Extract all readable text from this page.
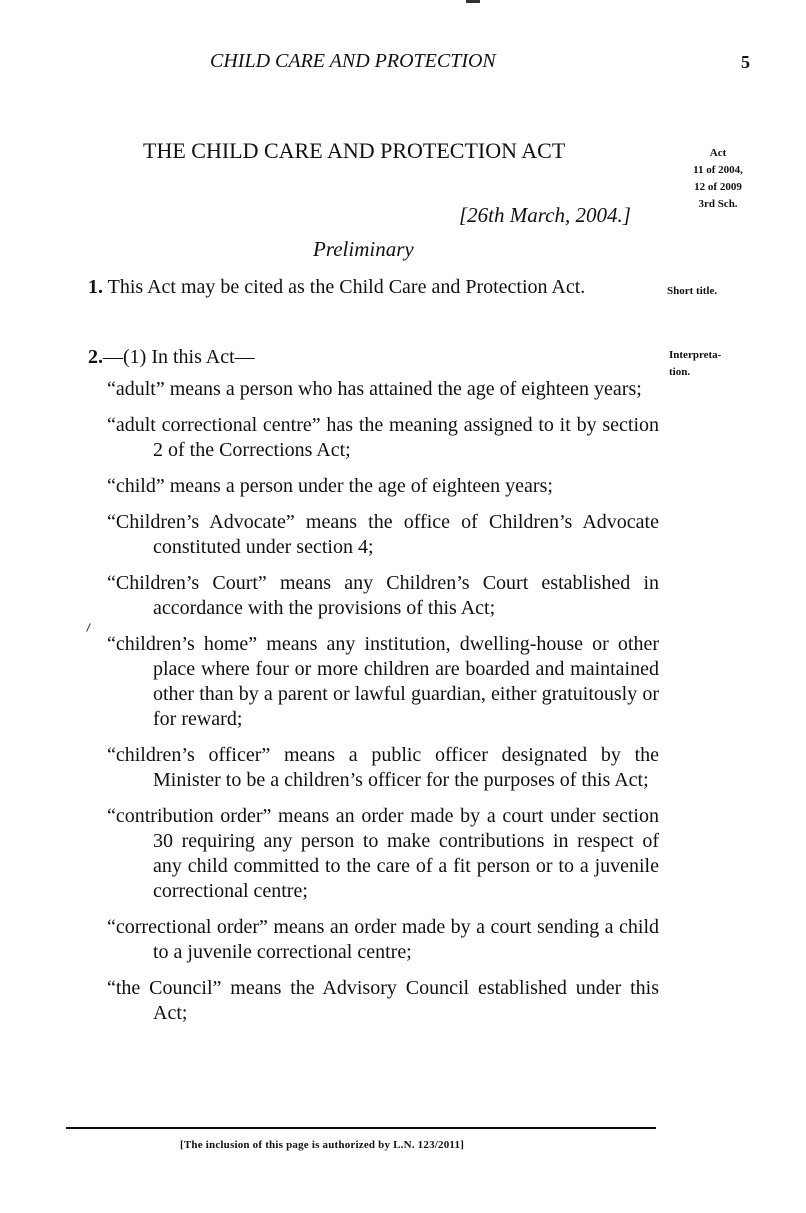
CHILD CARE AND PROTECTION	5
THE CHILD CARE AND PROTECTION ACT	Act
11 of 2004,
12 of 2009
3rd Sch.
[26th March, 2004.]
Preliminary
1. This Act may be cited as the Child Care and Protection Act.	Short title.
2.—(1) In this Act—	Interpreta-
tion.
“adult” means a person who has attained the age of eighteen years;
“adult correctional centre” has the meaning assigned to it by section 2 of the Corrections Act;
“child” means a person under the age of eighteen years;
“Children’s Advocate” means the office of Children’s Advocate constituted under section 4;
“Children’s Court” means any Children’s Court established in accordance with the provisions of this Act;
“children’s home” means any institution, dwelling-house or other place where four or more children are boarded and maintained other than by a parent or lawful guardian, either gratuitously or for reward;
“children’s officer” means a public officer designated by the Minister to be a children’s officer for the purposes of this Act;
“contribution order” means an order made by a court under section 30 requiring any person to make contributions in respect of any child committed to the care of a fit person or to a juvenile correctional centre;
“correctional order” means an order made by a court sending a child to a juvenile correctional centre;
“the Council” means the Advisory Council established under this Act;
[The inclusion of this page is authorized by L.N. 123/2011]
